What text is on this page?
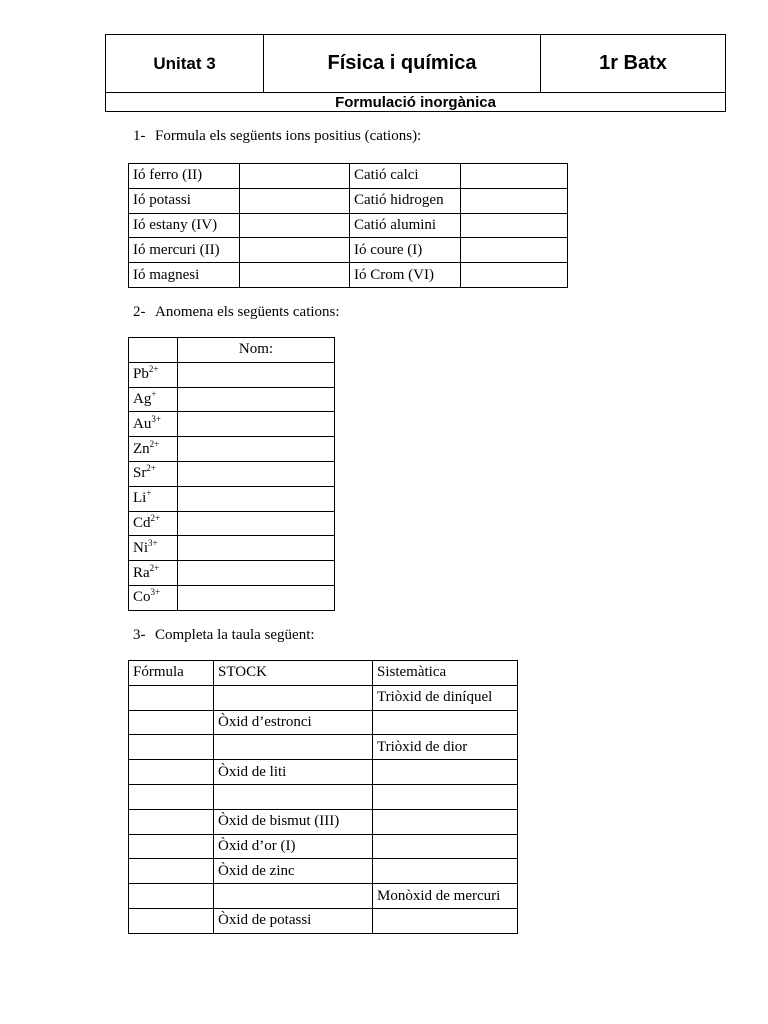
Unitat 3	Física i química	1r Batx
Formulació inorgànica
1- Formula els següents ions positius (cations):
Ió ferro (II)		Catió calci	
Ió potassi		Catió hidrogen	
Ió estany (IV)		Catió alumini	
Ió mercuri (II)		Ió coure (I)	
Ió magnesi		Ió Crom (VI)	
2- Anomena els següents cations:
	Nom:
$Pb^{2+}$	
Ag+	
$Au^{3+}$	
$Zn^{2+}$	
$Sr^{2+}$	
Li+	
$Cd^{2+}$	
$Ni^{3+}$	
$Ra^{2+}$	
$Co^{3+}$	
3- Completa la taula següent:
Fórmula	STOCK	Sistemàtica
		Triòxid de diníquel
	Òxid d’estronci	
		Triòxid de dior
	Òxid de liti	

	Òxid de bismut (III)	
	Òxid d’or (I)	
	Òxid de zinc	
		Monòxid de mercuri
	Òxid de potassi	
